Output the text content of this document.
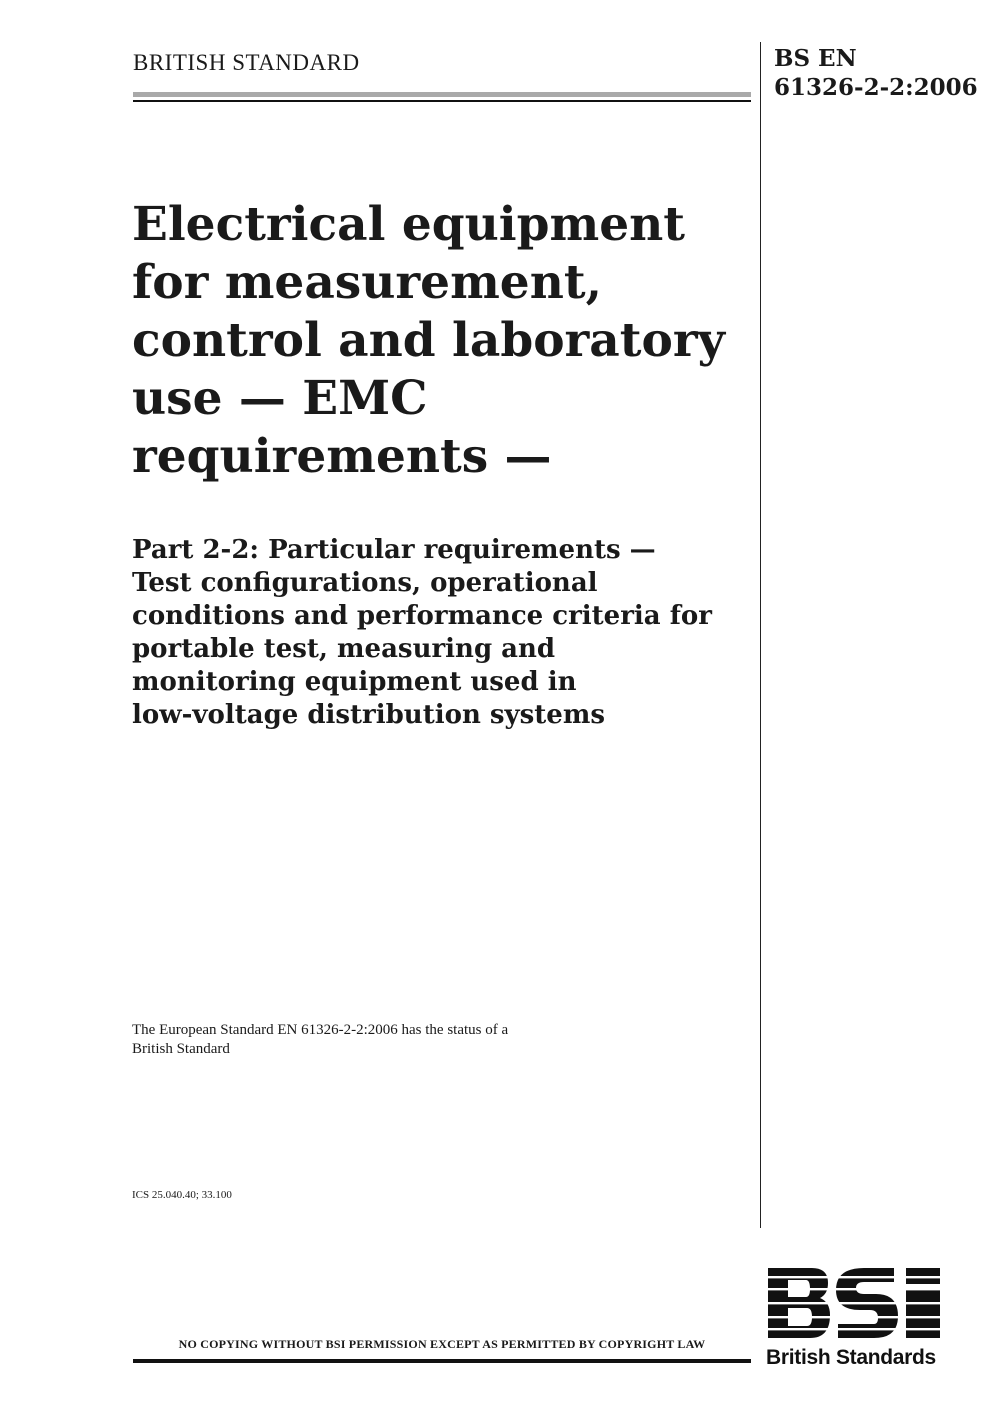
BRITISH STANDARD	BS EN
61326-2-2:2006
Electrical equipment
for measurement,
control and laboratory
use — EMC
requirements —
Part 2-2: Particular requirements —
Test configurations, operational
conditions and performance criteria for
portable test, measuring and
monitoring equipment used in
low-voltage distribution systems
The European Standard EN 61326-2-2:2006 has the status of a
British Standard
ICS 25.040.40; 33.100
NO COPYING WITHOUT BSI PERMISSION EXCEPT AS PERMITTED BY COPYRIGHT LAW
British Standards
